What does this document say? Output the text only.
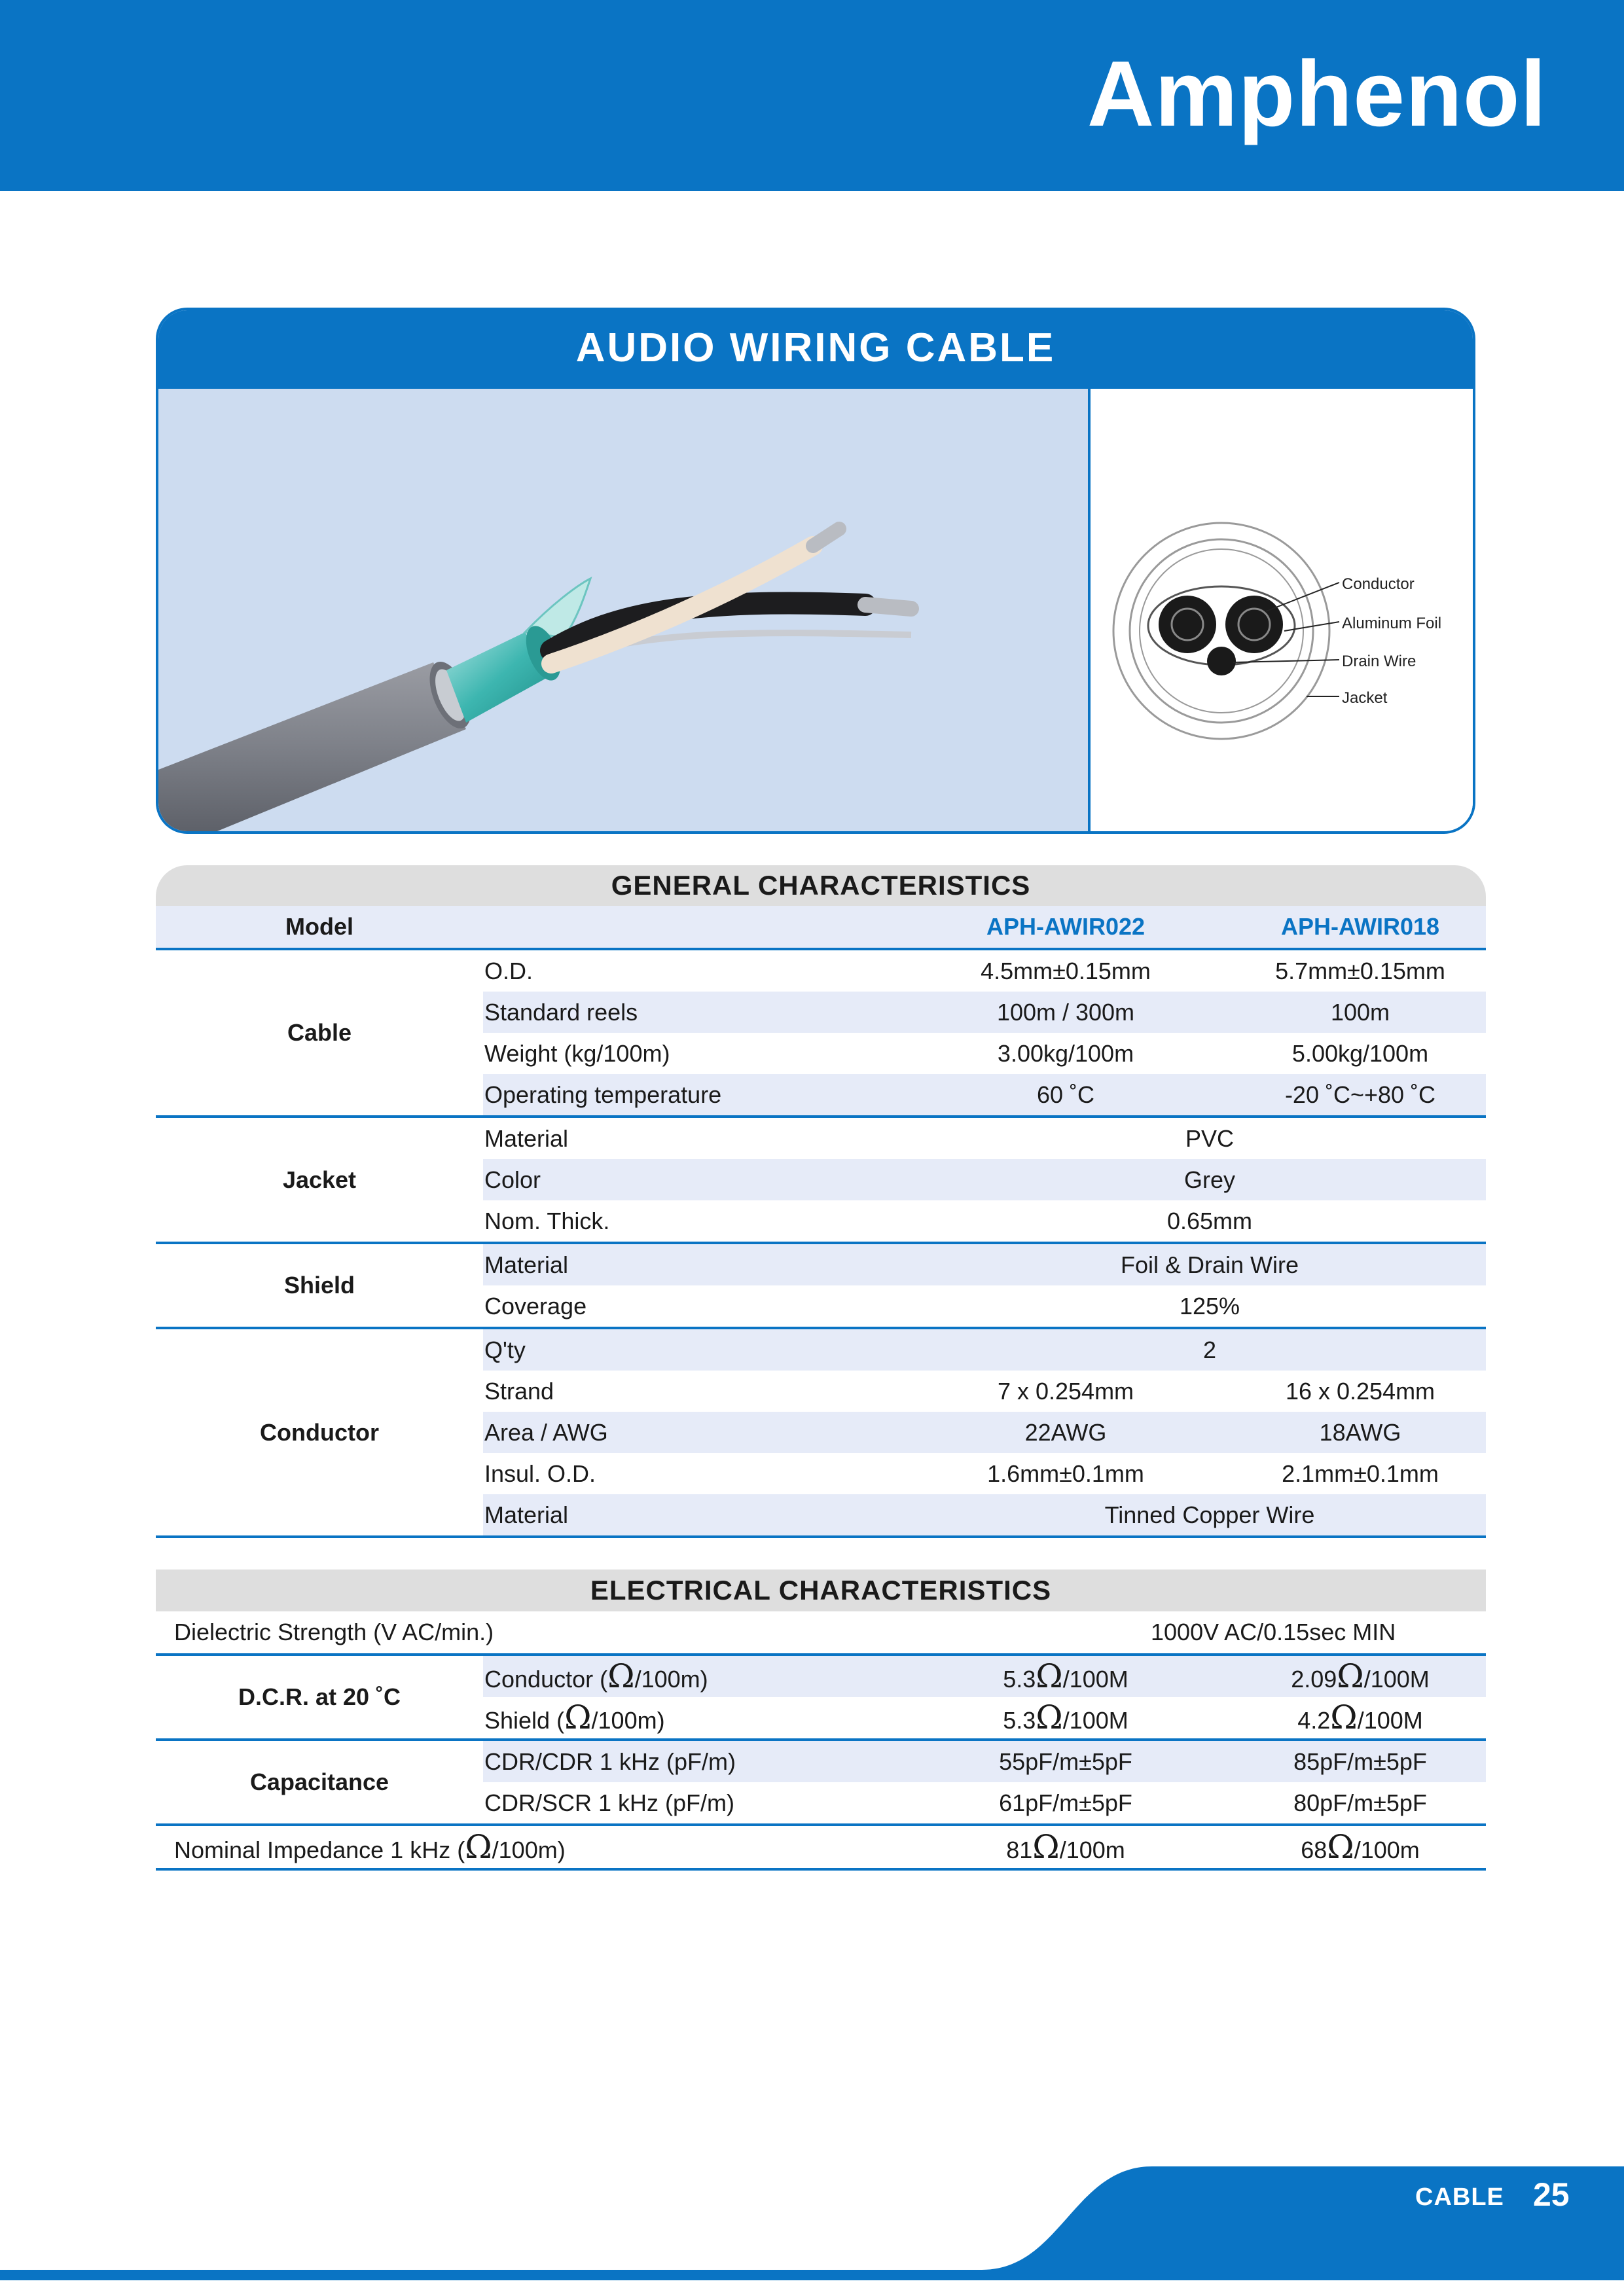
Amphenol
AUDIO WIRING CABLE
Conductor
Aluminum Foil
Drain Wire
Jacket
GENERAL CHARACTERISTICS
Model	APH-AWIR022	APH-AWIR018
Cable
O.D.	4.5mm±0.15mm	5.7mm±0.15mm
Standard reels	100m / 300m	100m
Weight (kg/100m)	3.00kg/100m	5.00kg/100m
Operating temperature	60 ˚C	-20 ˚C~+80 ˚C
Jacket
Material	PVC
Color	Grey
Nom. Thick.	0.65mm
Shield
Material	Foil & Drain Wire
Coverage	125%
Conductor
Q'ty	2
Strand	7 x 0.254mm	16 x 0.254mm
Area / AWG	22AWG	18AWG
Insul. O.D.	1.6mm±0.1mm	2.1mm±0.1mm
Material	Tinned Copper Wire
ELECTRICAL CHARACTERISTICS
Dielectric Strength (V AC/min.)	1000V AC/0.15sec MIN
D.C.R. at 20 ˚C
Conductor (Ω/100m)	5.3Ω/100M	2.09Ω/100M
Shield (Ω/100m)	5.3Ω/100M	4.2Ω/100M
Capacitance
CDR/CDR 1 kHz (pF/m)	55pF/m±5pF	85pF/m±5pF
CDR/SCR 1 kHz (pF/m)	61pF/m±5pF	80pF/m±5pF
Nominal Impedance 1 kHz (Ω/100m)	81Ω/100m	68Ω/100m
CABLE 25
